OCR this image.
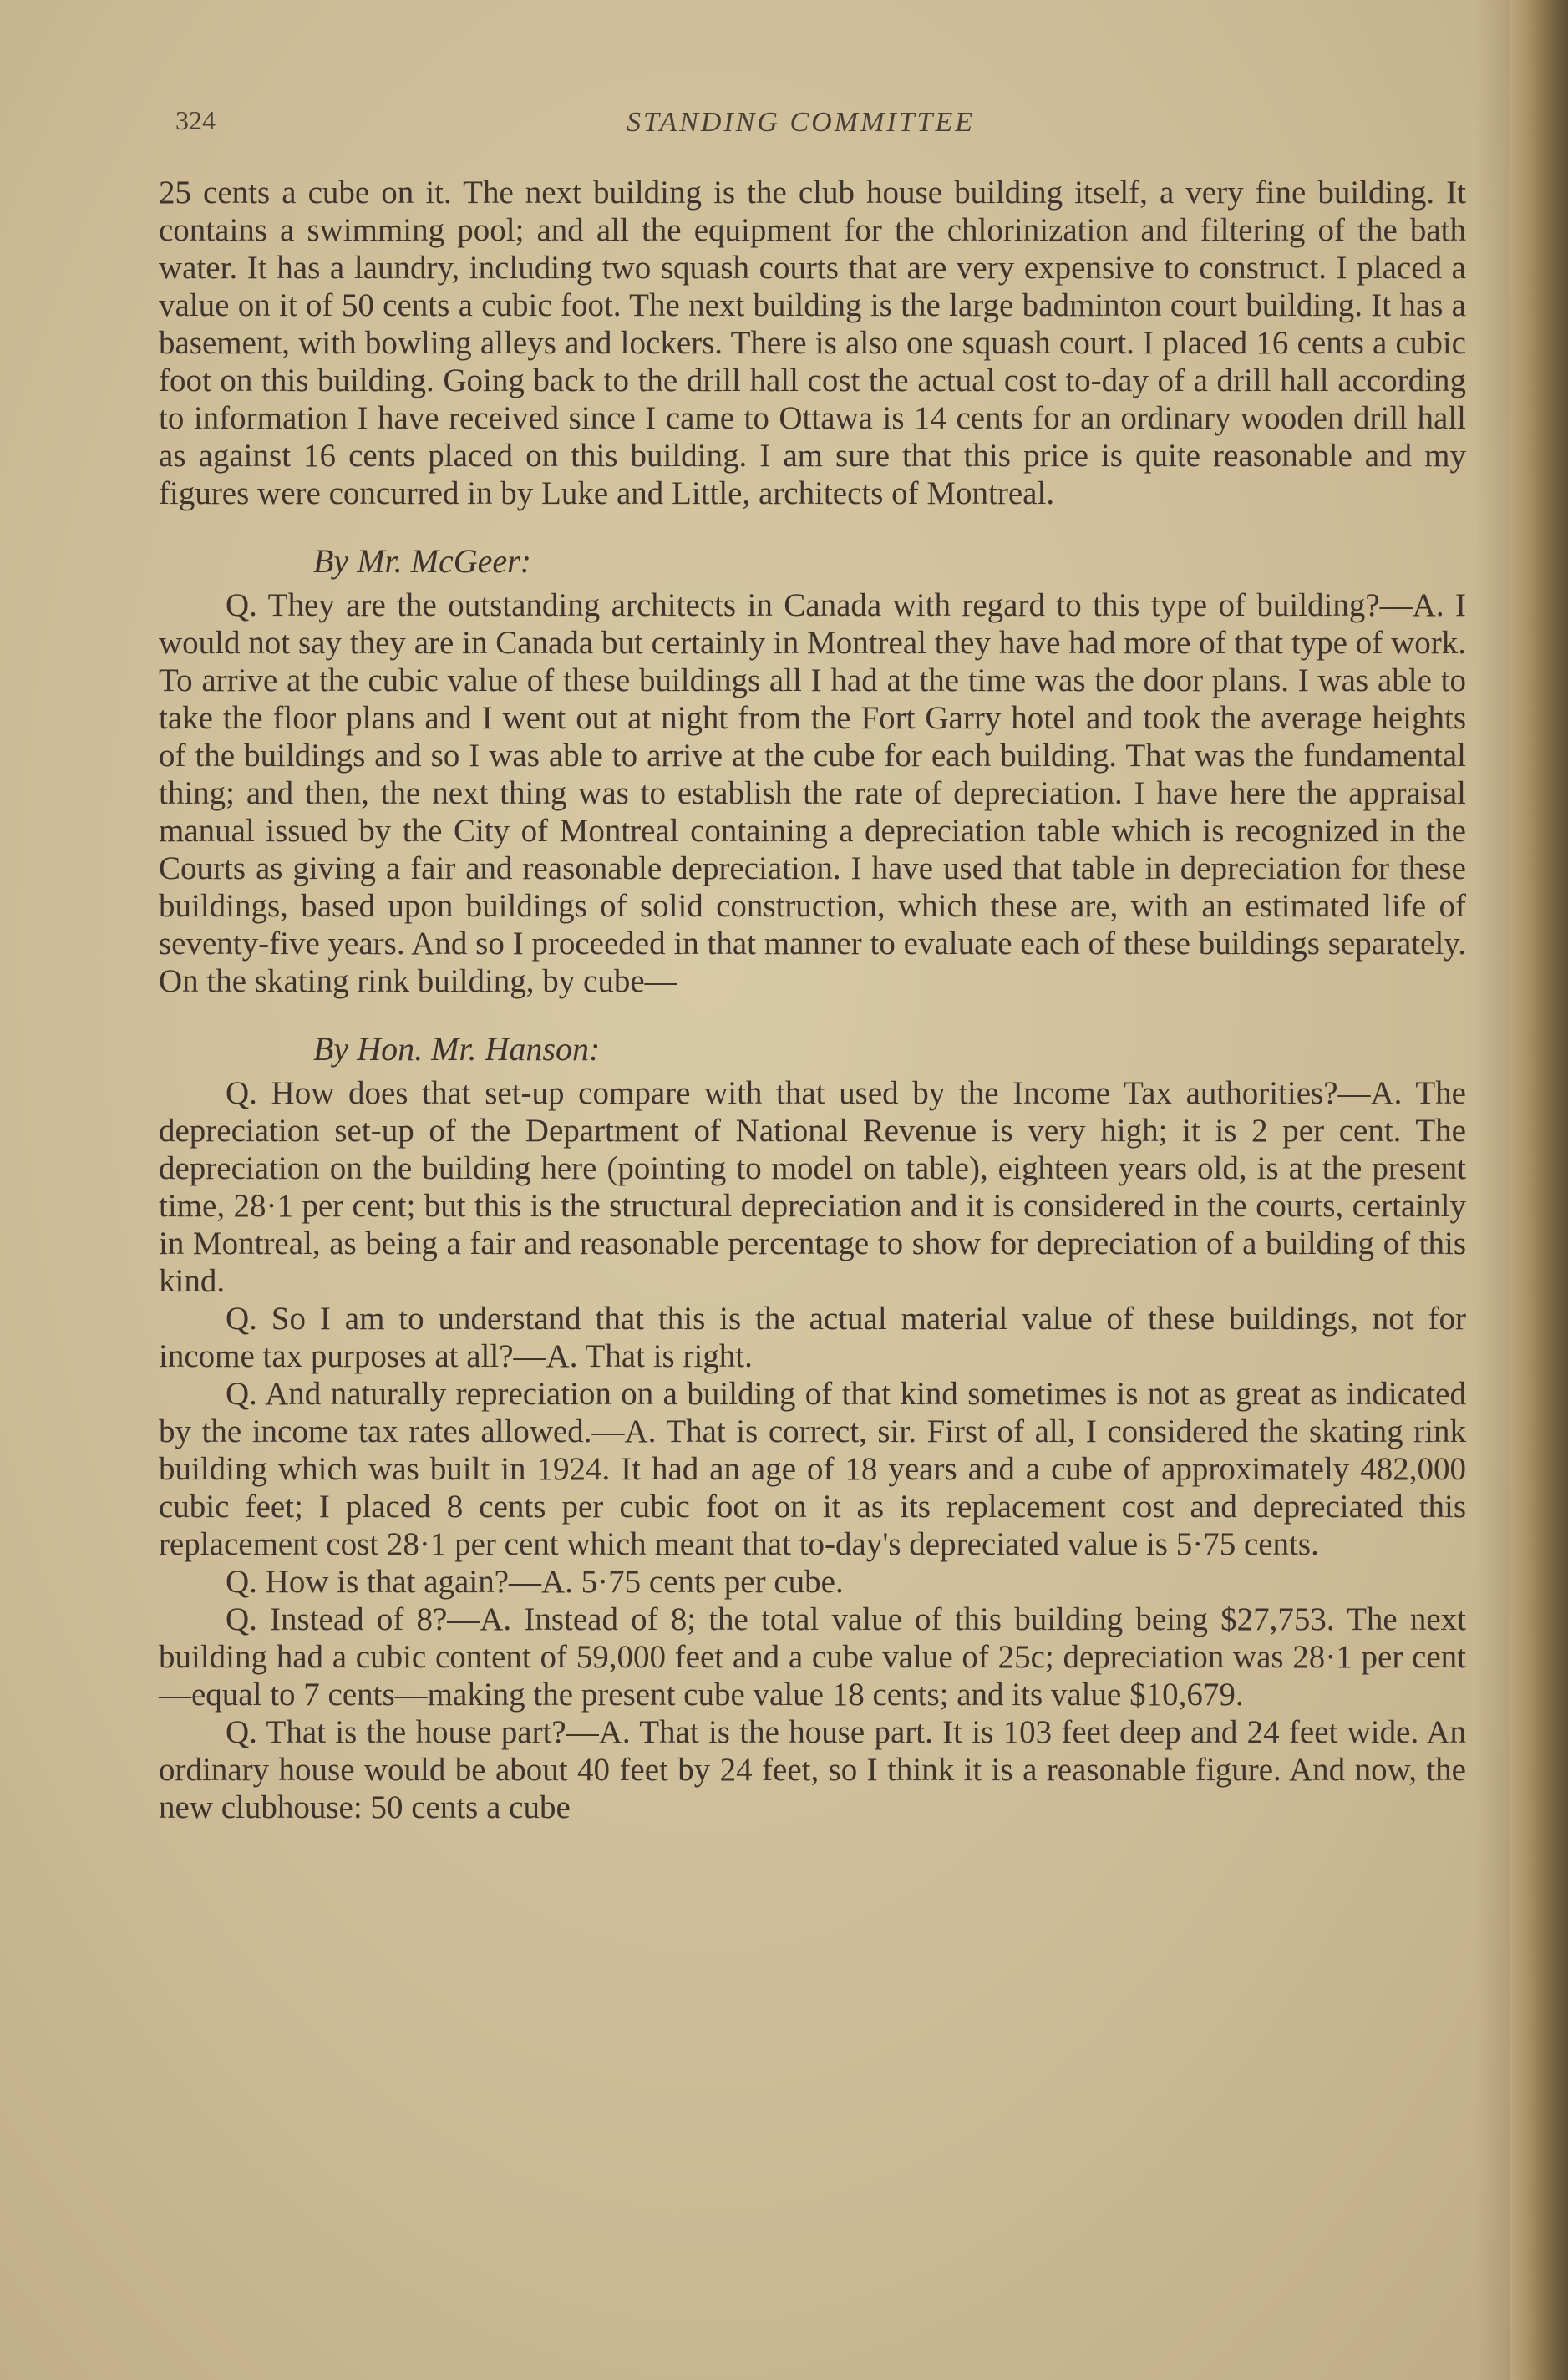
324	STANDING COMMITTEE

25 cents a cube on it. The next building is the club house building itself, a very fine building. It contains a swimming pool; and all the equipment for the chlorinization and filtering of the bath water. It has a laundry, including two squash courts that are very expensive to construct. I placed a value on it of 50 cents a cubic foot. The next building is the large badminton court building. It has a basement, with bowling alleys and lockers. There is also one squash court. I placed 16 cents a cubic foot on this building. Going back to the drill hall cost the actual cost to-day of a drill hall according to information I have received since I came to Ottawa is 14 cents for an ordinary wooden drill hall as against 16 cents placed on this building. I am sure that this price is quite reasonable and my figures were concurred in by Luke and Little, architects of Montreal.

By Mr. McGeer:

Q. They are the outstanding architects in Canada with regard to this type of building?—A. I would not say they are in Canada but certainly in Montreal they have had more of that type of work. To arrive at the cubic value of these buildings all I had at the time was the door plans. I was able to take the floor plans and I went out at night from the Fort Garry hotel and took the average heights of the buildings and so I was able to arrive at the cube for each building. That was the fundamental thing; and then, the next thing was to establish the rate of depreciation. I have here the appraisal manual issued by the City of Montreal containing a depreciation table which is recognized in the Courts as giving a fair and reasonable depreciation. I have used that table in depreciation for these buildings, based upon buildings of solid construction, which these are, with an estimated life of seventy-five years. And so I proceeded in that manner to evaluate each of these buildings separately. On the skating rink building, by cube—

By Hon. Mr. Hanson:

Q. How does that set-up compare with that used by the Income Tax authorities?—A. The depreciation set-up of the Department of National Revenue is very high; it is 2 per cent. The depreciation on the building here (pointing to model on table), eighteen years old, is at the present time, 28·1 per cent; but this is the structural depreciation and it is considered in the courts, certainly in Montreal, as being a fair and reasonable percentage to show for depreciation of a building of this kind.

Q. So I am to understand that this is the actual material value of these buildings, not for income tax purposes at all?—A. That is right.

Q. And naturally repreciation on a building of that kind sometimes is not as great as indicated by the income tax rates allowed.—A. That is correct, sir. First of all, I considered the skating rink building which was built in 1924. It had an age of 18 years and a cube of approximately 482,000 cubic feet; I placed 8 cents per cubic foot on it as its replacement cost and depreciated this replacement cost 28·1 per cent which meant that to-day's depreciated value is 5·75 cents.

Q. How is that again?—A. 5·75 cents per cube.

Q. Instead of 8?—A. Instead of 8; the total value of this building being $27,753. The next building had a cubic content of 59,000 feet and a cube value of 25c; depreciation was 28·1 per cent—equal to 7 cents—making the present cube value 18 cents; and its value $10,679.

Q. That is the house part?—A. That is the house part. It is 103 feet deep and 24 feet wide. An ordinary house would be about 40 feet by 24 feet, so I think it is a reasonable figure. And now, the new clubhouse: 50 cents a cube
